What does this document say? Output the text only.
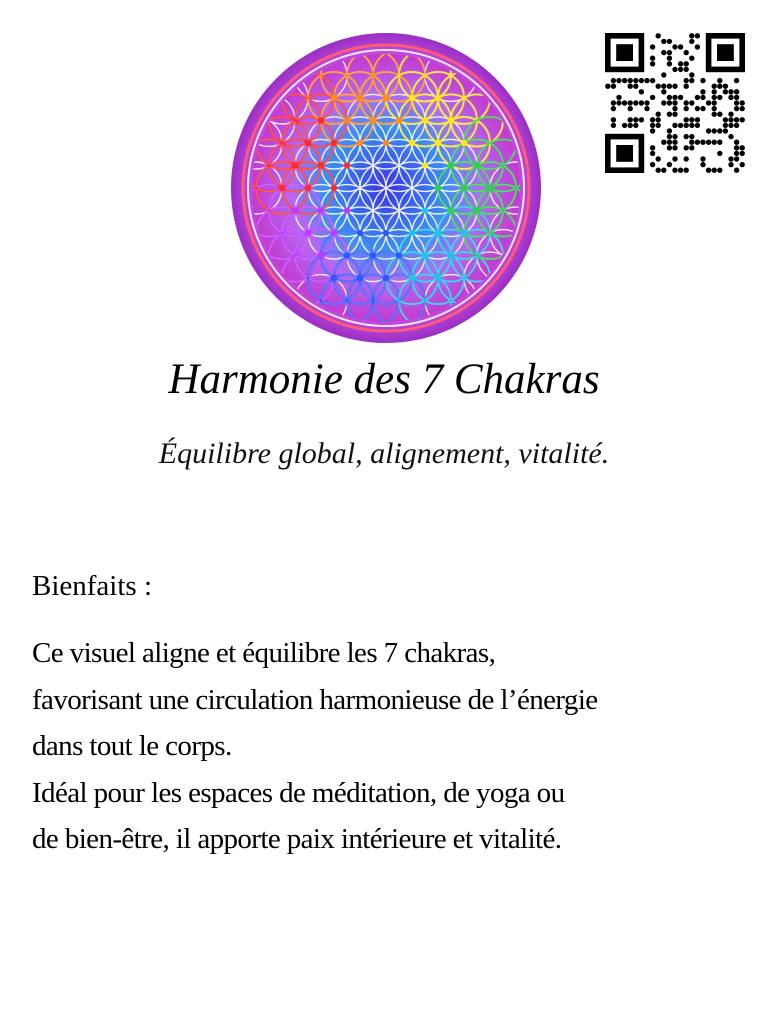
Harmonie des 7 Chakras

Équilibre global, alignement, vitalité.

Bienfaits :

Ce visuel aligne et équilibre les 7 chakras,
favorisant une circulation harmonieuse de l’énergie
dans tout le corps.
Idéal pour les espaces de méditation, de yoga ou
de bien-être, il apporte paix intérieure et vitalité.
